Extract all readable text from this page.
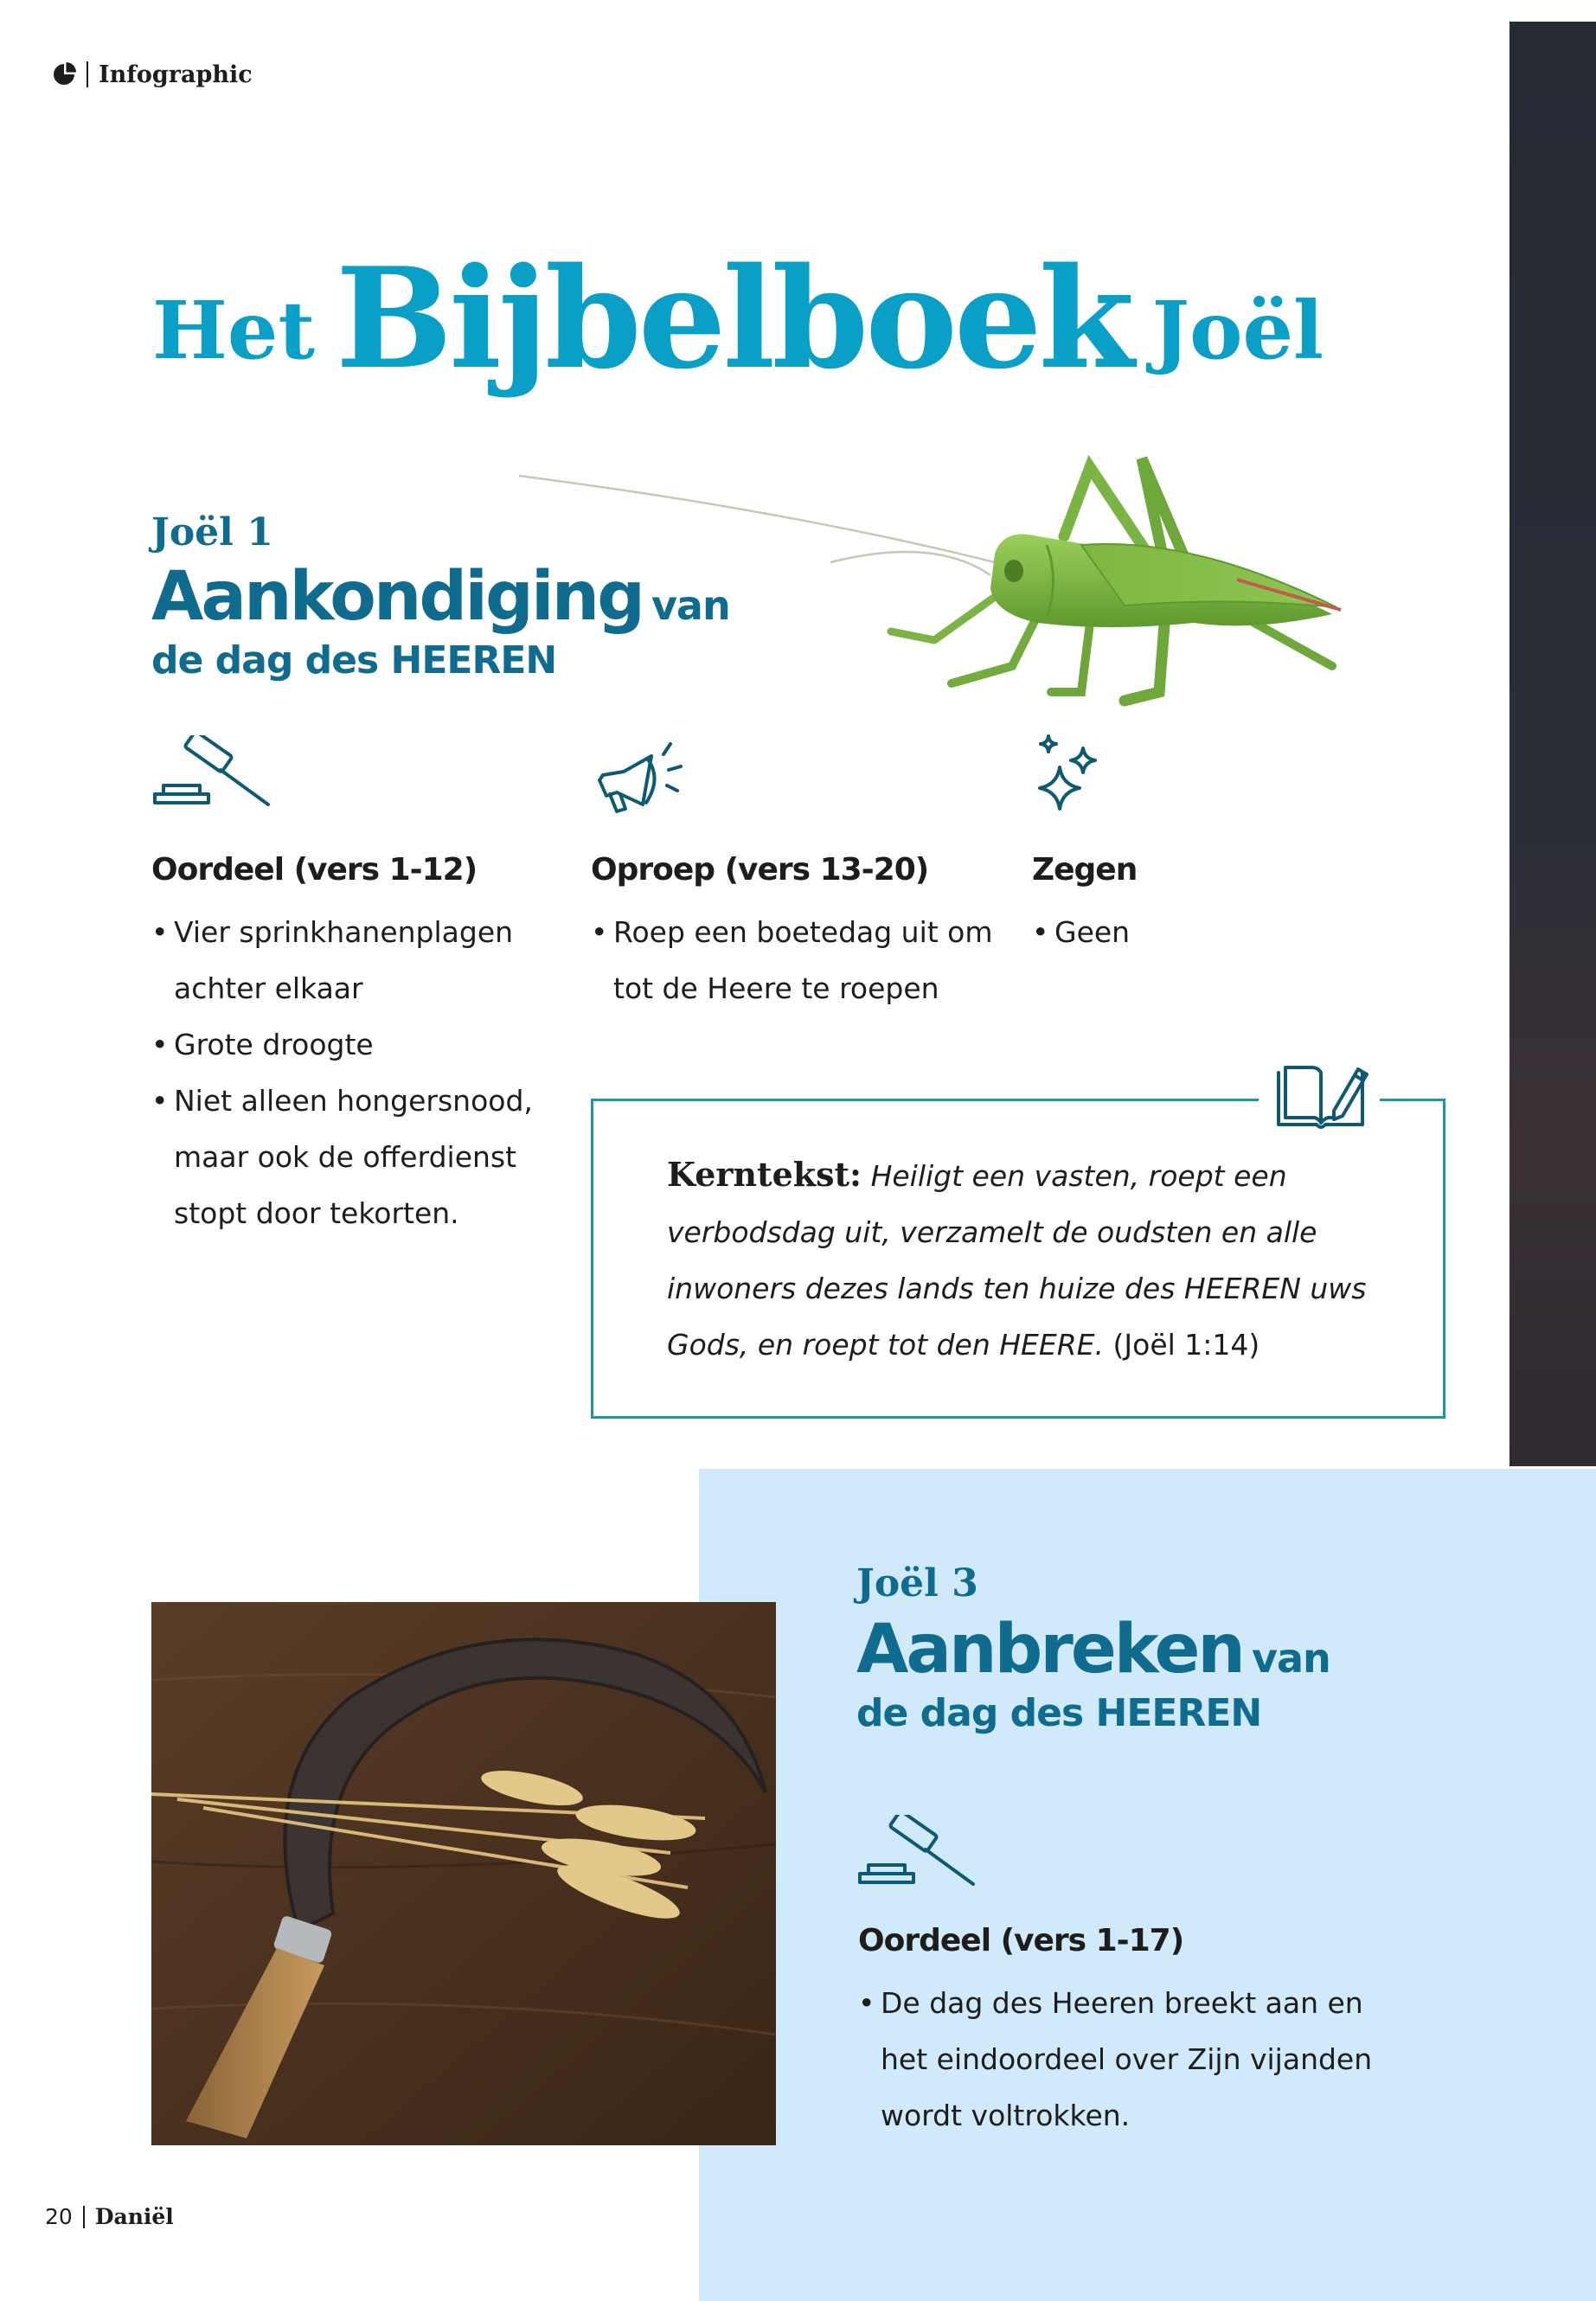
Infographic
Het Bijbelboek Joël
Joël 1
Aankondiging van
de dag des HEEREN
Oordeel (vers 1-12)
• Vier sprinkhanenplagen achter elkaar
• Grote droogte
• Niet alleen hongersnood, maar ook de offerdienst stopt door tekorten.
Oproep (vers 13-20)
• Roep een boetedag uit om tot de Heere te roepen
Zegen
• Geen
Kerntekst: Heiligt een vasten, roept een verbodsdag uit, verzamelt de oudsten en alle inwoners dezes lands ten huize des HEEREN uws Gods, en roept tot den HEERE. (Joël 1:14)
Joël 3
Aanbreken van
de dag des HEEREN
Oordeel (vers 1-17)
• De dag des Heeren breekt aan en het eindoordeel over Zijn vijanden wordt voltrokken.
20 Daniël
